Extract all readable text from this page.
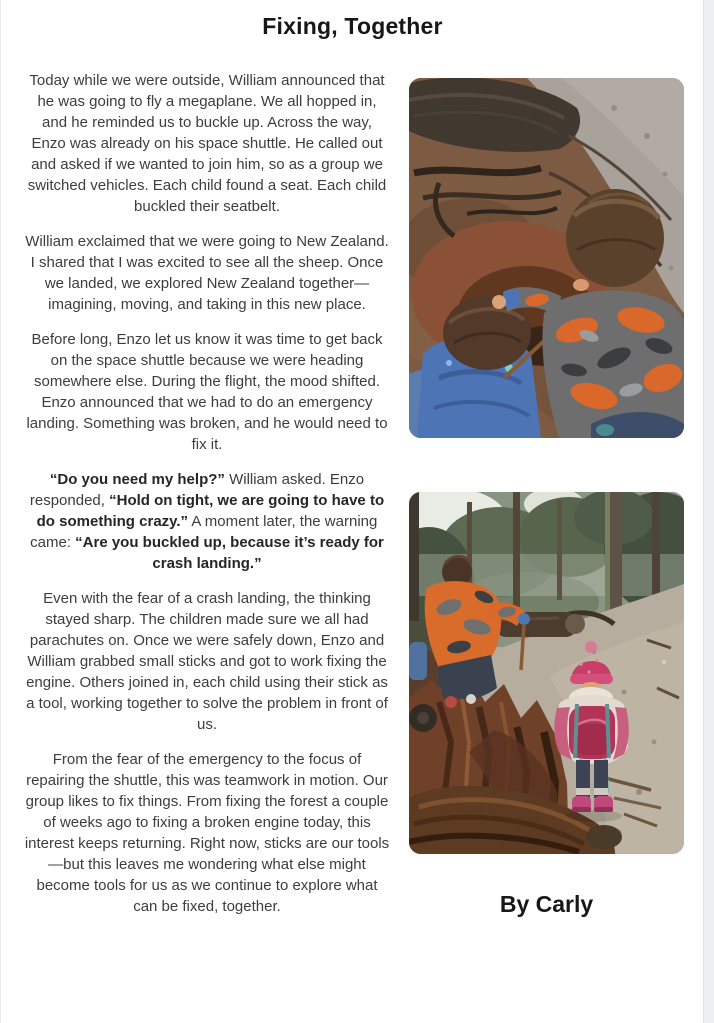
Fixing, Together

Today while we were outside, William announced that he was going to fly a megaplane. We all hopped in, and he reminded us to buckle up. Across the way, Enzo was already on his space shuttle. He called out and asked if we wanted to join him, so as a group we switched vehicles. Each child found a seat. Each child buckled their seatbelt.

William exclaimed that we were going to New Zealand. I shared that I was excited to see all the sheep. Once we landed, we explored New Zealand together—imagining, moving, and taking in this new place.

Before long, Enzo let us know it was time to get back on the space shuttle because we were heading somewhere else. During the flight, the mood shifted. Enzo announced that we had to do an emergency landing. Something was broken, and he would need to fix it.

“Do you need my help?” William asked. Enzo responded, “Hold on tight, we are going to have to do something crazy.” A moment later, the warning came: “Are you buckled up, because it’s ready for crash landing.”

Even with the fear of a crash landing, the thinking stayed sharp. The children made sure we all had parachutes on. Once we were safely down, Enzo and William grabbed small sticks and got to work fixing the engine. Others joined in, each child using their stick as a tool, working together to solve the problem in front of us.

From the fear of the emergency to the focus of repairing the shuttle, this was teamwork in motion. Our group likes to fix things. From fixing the forest a couple of weeks ago to fixing a broken engine today, this interest keeps returning. Right now, sticks are our tools—but this leaves me wondering what else might become tools for us as we continue to explore what can be fixed, together.	By Carly
